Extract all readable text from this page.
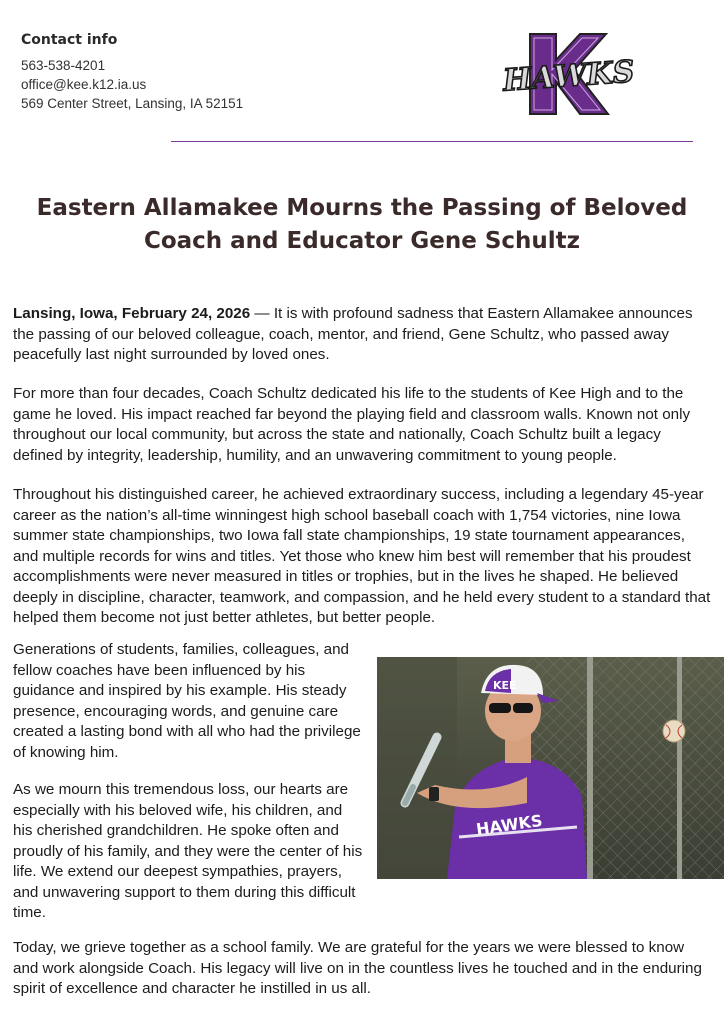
Contact info
563-538-4201
office@kee.k12.ia.us
569 Center Street, Lansing, IA 52151
HAWKS
Eastern Allamakee Mourns the Passing of Beloved
Coach and Educator Gene Schultz
Lansing, Iowa, February 24, 2026 — It is with profound sadness that Eastern Allamakee announces the passing of our beloved colleague, coach, mentor, and friend, Gene Schultz, who passed away peacefully last night surrounded by loved ones.
For more than four decades, Coach Schultz dedicated his life to the students of Kee High and to the game he loved. His impact reached far beyond the playing field and classroom walls. Known not only throughout our local community, but across the state and nationally, Coach Schultz built a legacy defined by integrity, leadership, humility, and an unwavering commitment to young people.
Throughout his distinguished career, he achieved extraordinary success, including a legendary 45-year career as the nation’s all-time winningest high school baseball coach with 1,754 victories, nine Iowa summer state championships, two Iowa fall state championships, 19 state tournament appearances, and multiple records for wins and titles. Yet those who knew him best will remember that his proudest accomplishments were never measured in titles or trophies, but in the lives he shaped. He believed deeply in discipline, character, teamwork, and compassion, and he held every student to a standard that helped them become not just better athletes, but better people.
Generations of students, families, colleagues, and fellow coaches have been influenced by his guidance and inspired by his example. His steady presence, encouraging words, and genuine care created a lasting bond with all who had the privilege of knowing him.
As we mourn this tremendous loss, our hearts are especially with his beloved wife, his children, and his cherished grandchildren. He spoke often and proudly of his family, and they were the center of his life. We extend our deepest sympathies, prayers, and unwavering support to them during this difficult time.
Today, we grieve together as a school family. We are grateful for the years we were blessed to know and work alongside Coach. His legacy will live on in the countless lives he touched and in the enduring spirit of excellence and character he instilled in us all.
HAWKS
KEE
